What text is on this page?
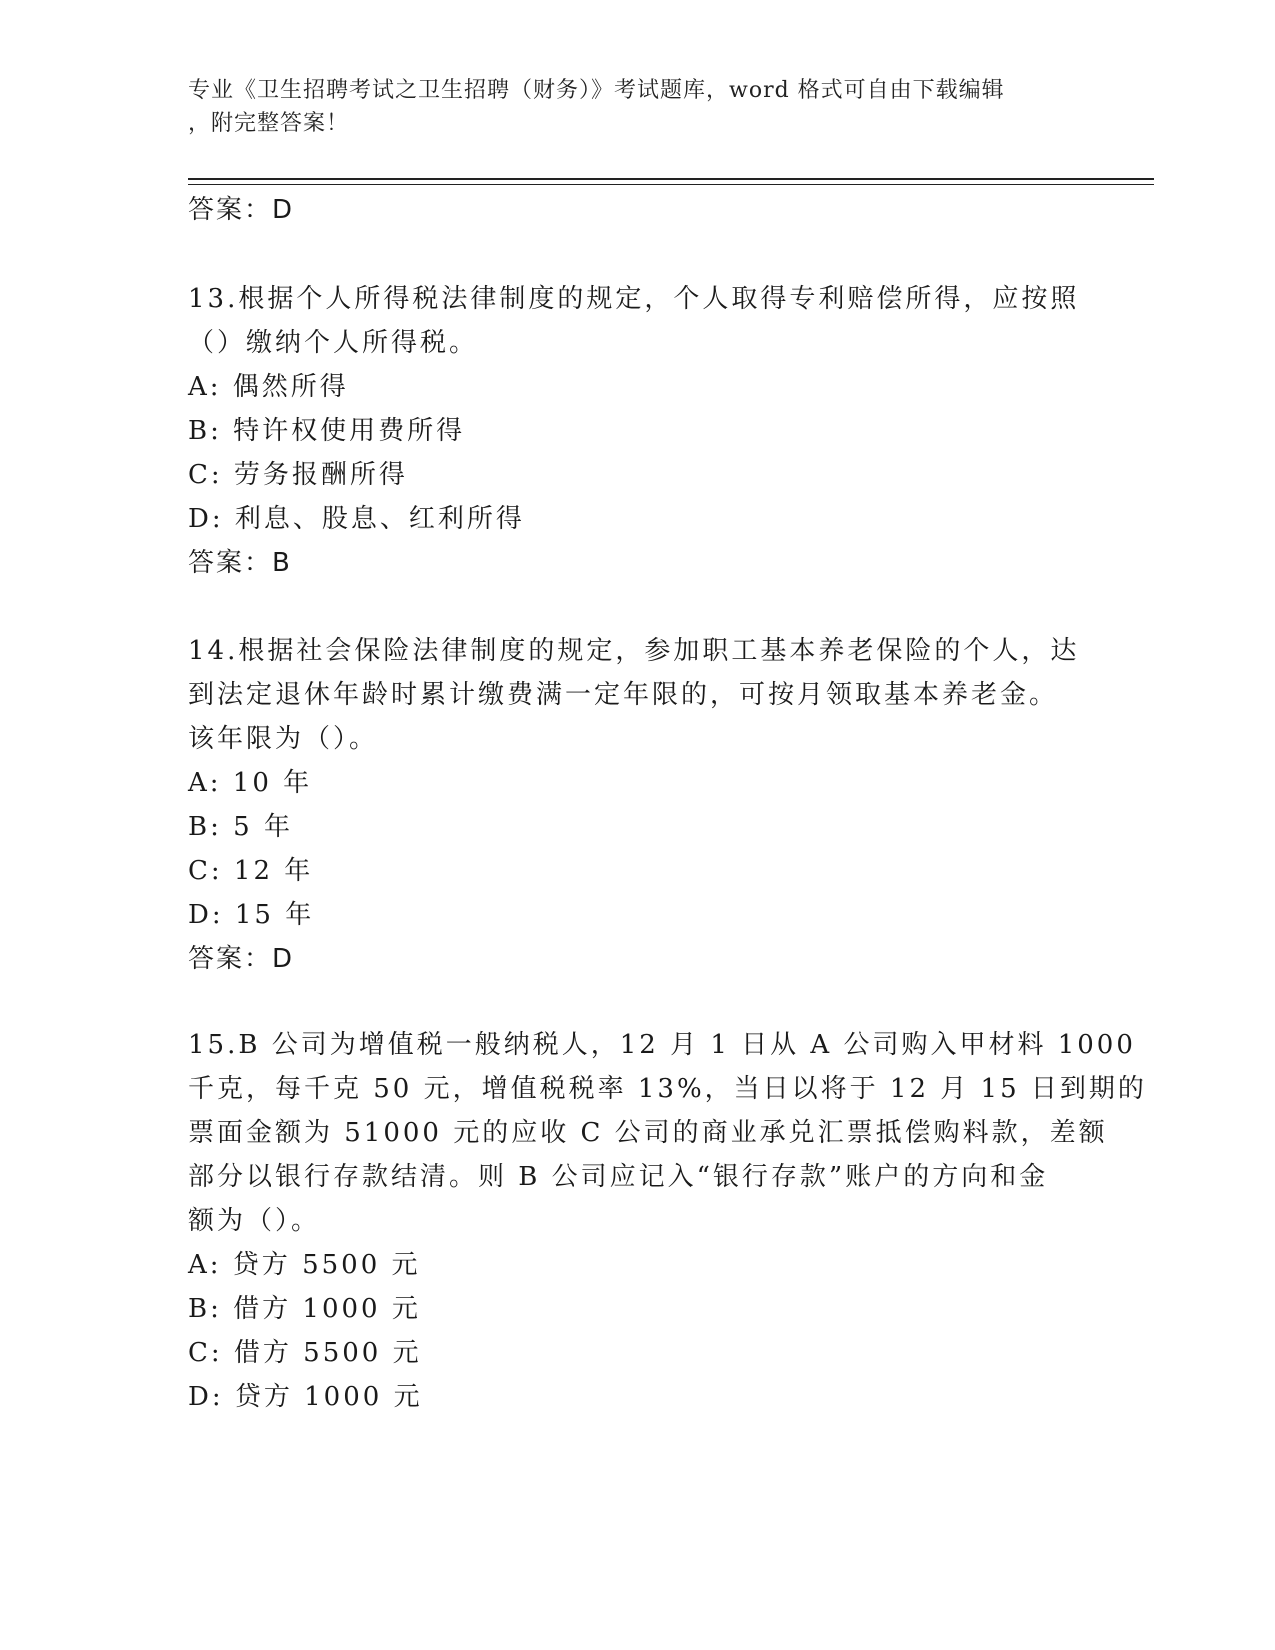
专业《卫生招聘考试之卫生招聘（财务）》考试题库，word 格式可自由下载编辑
，附完整答案！
答案：D
13.根据个人所得税法律制度的规定，个人取得专利赔偿所得，应按照
（）缴纳个人所得税。
A: 偶然所得
B: 特许权使用费所得
C: 劳务报酬所得
D: 利息、股息、红利所得
答案：B
14.根据社会保险法律制度的规定，参加职工基本养老保险的个人，达
到法定退休年龄时累计缴费满一定年限的，可按月领取基本养老金。
该年限为（）。
A: 10 年
B: 5 年
C: 12 年
D: 15 年
答案：D
15.B 公司为增值税一般纳税人，12 月 1 日从 A 公司购入甲材料 1000
千克，每千克 50 元，增值税税率 13%，当日以将于 12 月 15 日到期的
票面金额为 51000 元的应收 C 公司的商业承兑汇票抵偿购料款，差额
部分以银行存款结清。则 B 公司应记入“银行存款”账户的方向和金
额为（）。
A: 贷方 5500 元
B: 借方 1000 元
C: 借方 5500 元
D: 贷方 1000 元
